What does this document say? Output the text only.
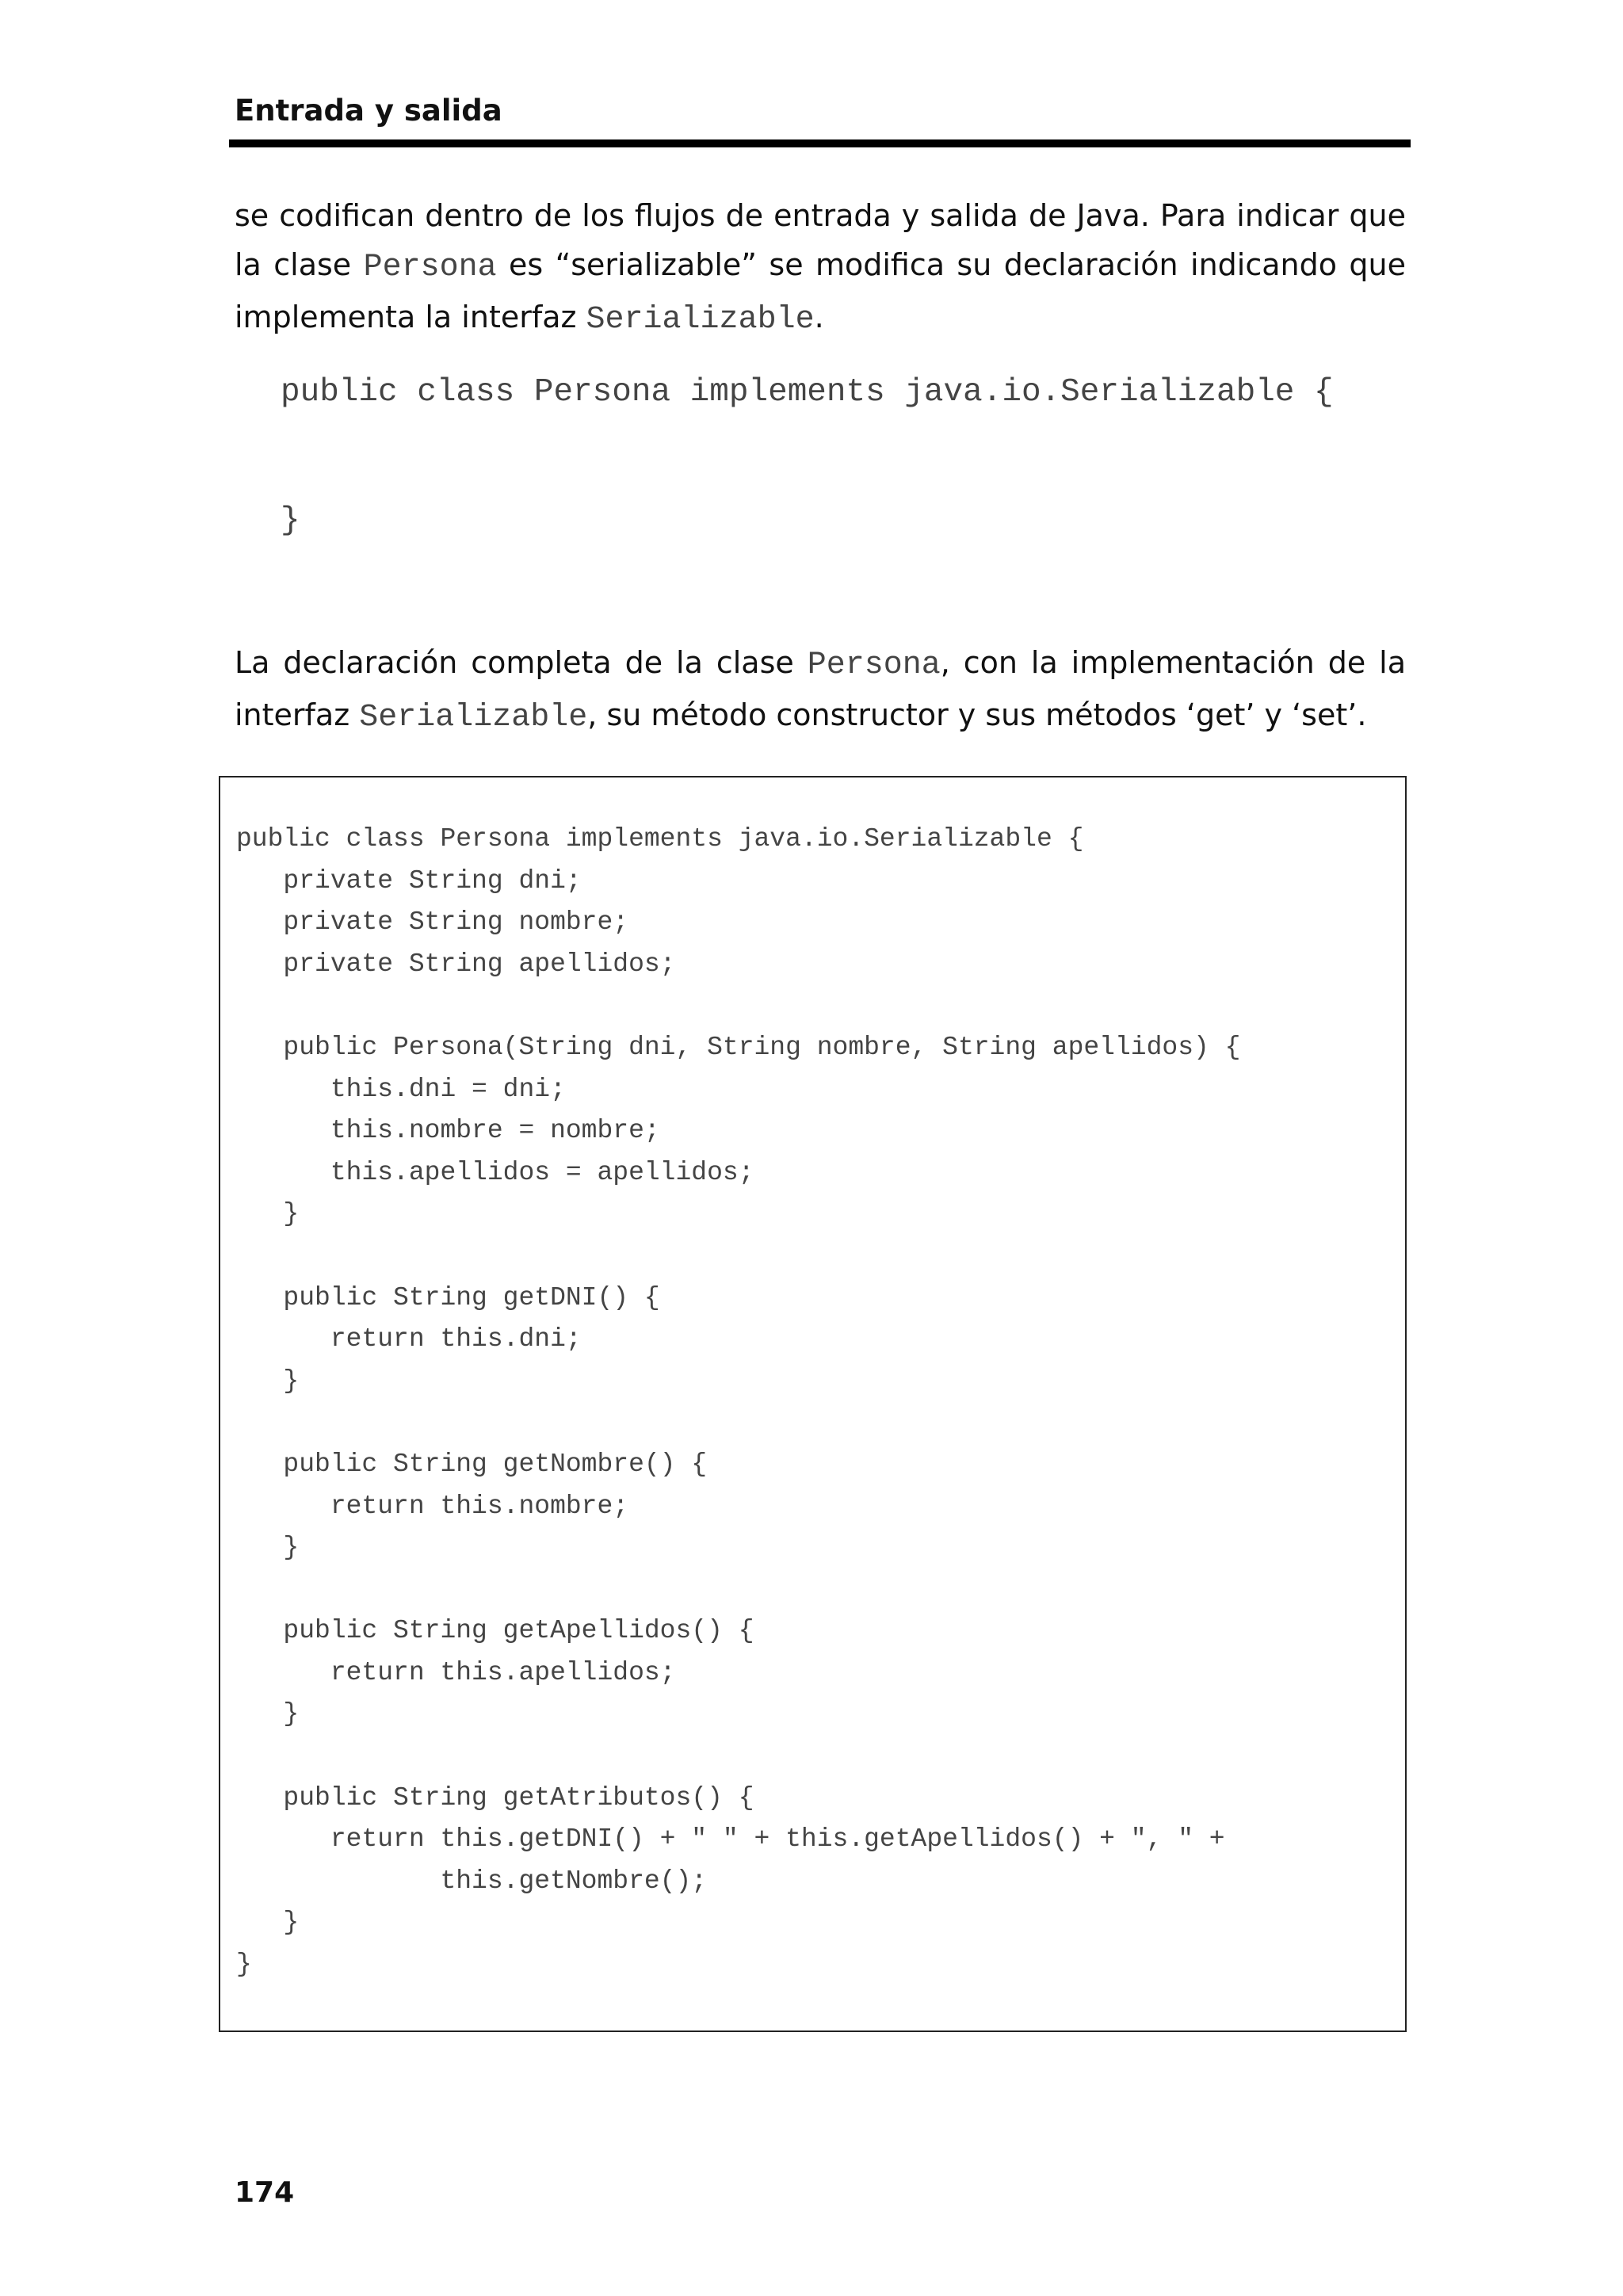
Entrada y salida

se codifican dentro de los flujos de entrada y salida de Java. Para indicar que la clase Persona es “serializable” se modifica su declaración indicando que implementa la interfaz Serializable.

public class Persona implements java.io.Serializable {
}

La declaración completa de la clase Persona, con la implementación de la interfaz Serializable, su método constructor y sus métodos ‘get’ y ‘set’.

public class Persona implements java.io.Serializable {
private String dni;
private String nombre;
private String apellidos;
public Persona(String dni, String nombre, String apellidos) {
this.dni = dni;
this.nombre = nombre;
this.apellidos = apellidos;
}
public String getDNI() {
return this.dni;
}
public String getNombre() {
return this.nombre;
}
public String getApellidos() {
return this.apellidos;
}
public String getAtributos() {
return this.getDNI() + " " + this.getApellidos() + ", " +
this.getNombre();
}
}
174
